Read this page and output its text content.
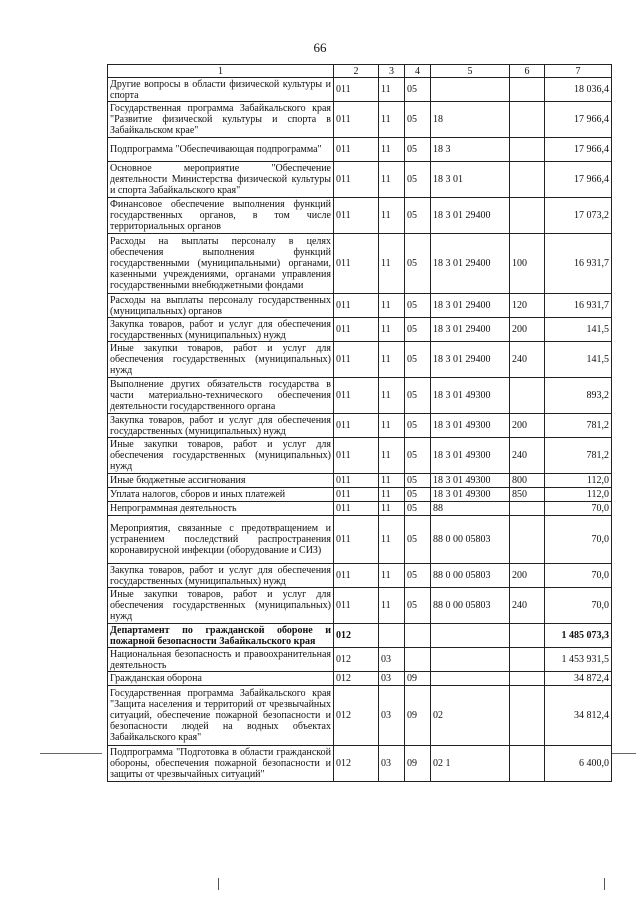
66
1	2	3	4	5	6	7
Другие вопросы в области физической культуры и спорта	011	11	05			18 036,4
Государственная программа Забайкальского края "Развитие физической культуры и спорта в Забайкальском крае"	011	11	05	18		17 966,4
Подпрограмма "Обеспечивающая подпрограмма"	011	11	05	18 3		17 966,4
Основное мероприятие "Обеспечение деятельности Министерства физической культуры и спорта Забайкальского края"	011	11	05	18 3 01		17 966,4
Финансовое обеспечение выполнения функций государственных органов, в том числе территориальных органов	011	11	05	18 3 01 29400		17 073,2
Расходы на выплаты персоналу в целях обеспечения выполнения функций государственными (муниципальными) органами, казенными учреждениями, органами управления государственными внебюджетными фондами	011	11	05	18 3 01 29400	100	16 931,7
Расходы на выплаты персоналу государственных (муниципальных) органов	011	11	05	18 3 01 29400	120	16 931,7
Закупка товаров, работ и услуг для обеспечения государственных (муниципальных) нужд	011	11	05	18 3 01 29400	200	141,5
Иные закупки товаров, работ и услуг для обеспечения государственных (муниципальных) нужд	011	11	05	18 3 01 29400	240	141,5
Выполнение других обязательств государства в части материально-технического обеспечения деятельности государственного органа	011	11	05	18 3 01 49300		893,2
Закупка товаров, работ и услуг для обеспечения государственных (муниципальных) нужд	011	11	05	18 3 01 49300	200	781,2
Иные закупки товаров, работ и услуг для обеспечения государственных (муниципальных) нужд	011	11	05	18 3 01 49300	240	781,2
Иные бюджетные ассигнования	011	11	05	18 3 01 49300	800	112,0
Уплата налогов, сборов и иных платежей	011	11	05	18 3 01 49300	850	112,0
Непрограммная деятельность	011	11	05	88		70,0
Мероприятия, связанные с предотвращением и устранением последствий распространения коронавирусной инфекции (оборудование и СИЗ)	011	11	05	88 0 00 05803		70,0
Закупка товаров, работ и услуг для обеспечения государственных (муниципальных) нужд	011	11	05	88 0 00 05803	200	70,0
Иные закупки товаров, работ и услуг для обеспечения государственных (муниципальных) нужд	011	11	05	88 0 00 05803	240	70,0
Департамент по гражданской обороне и пожарной безопасности Забайкальского края	012					1 485 073,3
Национальная безопасность и правоохранительная деятельность	012	03				1 453 931,5
Гражданская оборона	012	03	09			34 872,4
Государственная программа Забайкальского края "Защита населения и территорий от чрезвычайных ситуаций, обеспечение пожарной безопасности и безопасности людей на водных объектах Забайкальского края"	012	03	09	02		34 812,4
Подпрограмма "Подготовка в области гражданской обороны, обеспечения пожарной безопасности и защиты от чрезвычайных ситуаций"	012	03	09	02 1		6 400,0
